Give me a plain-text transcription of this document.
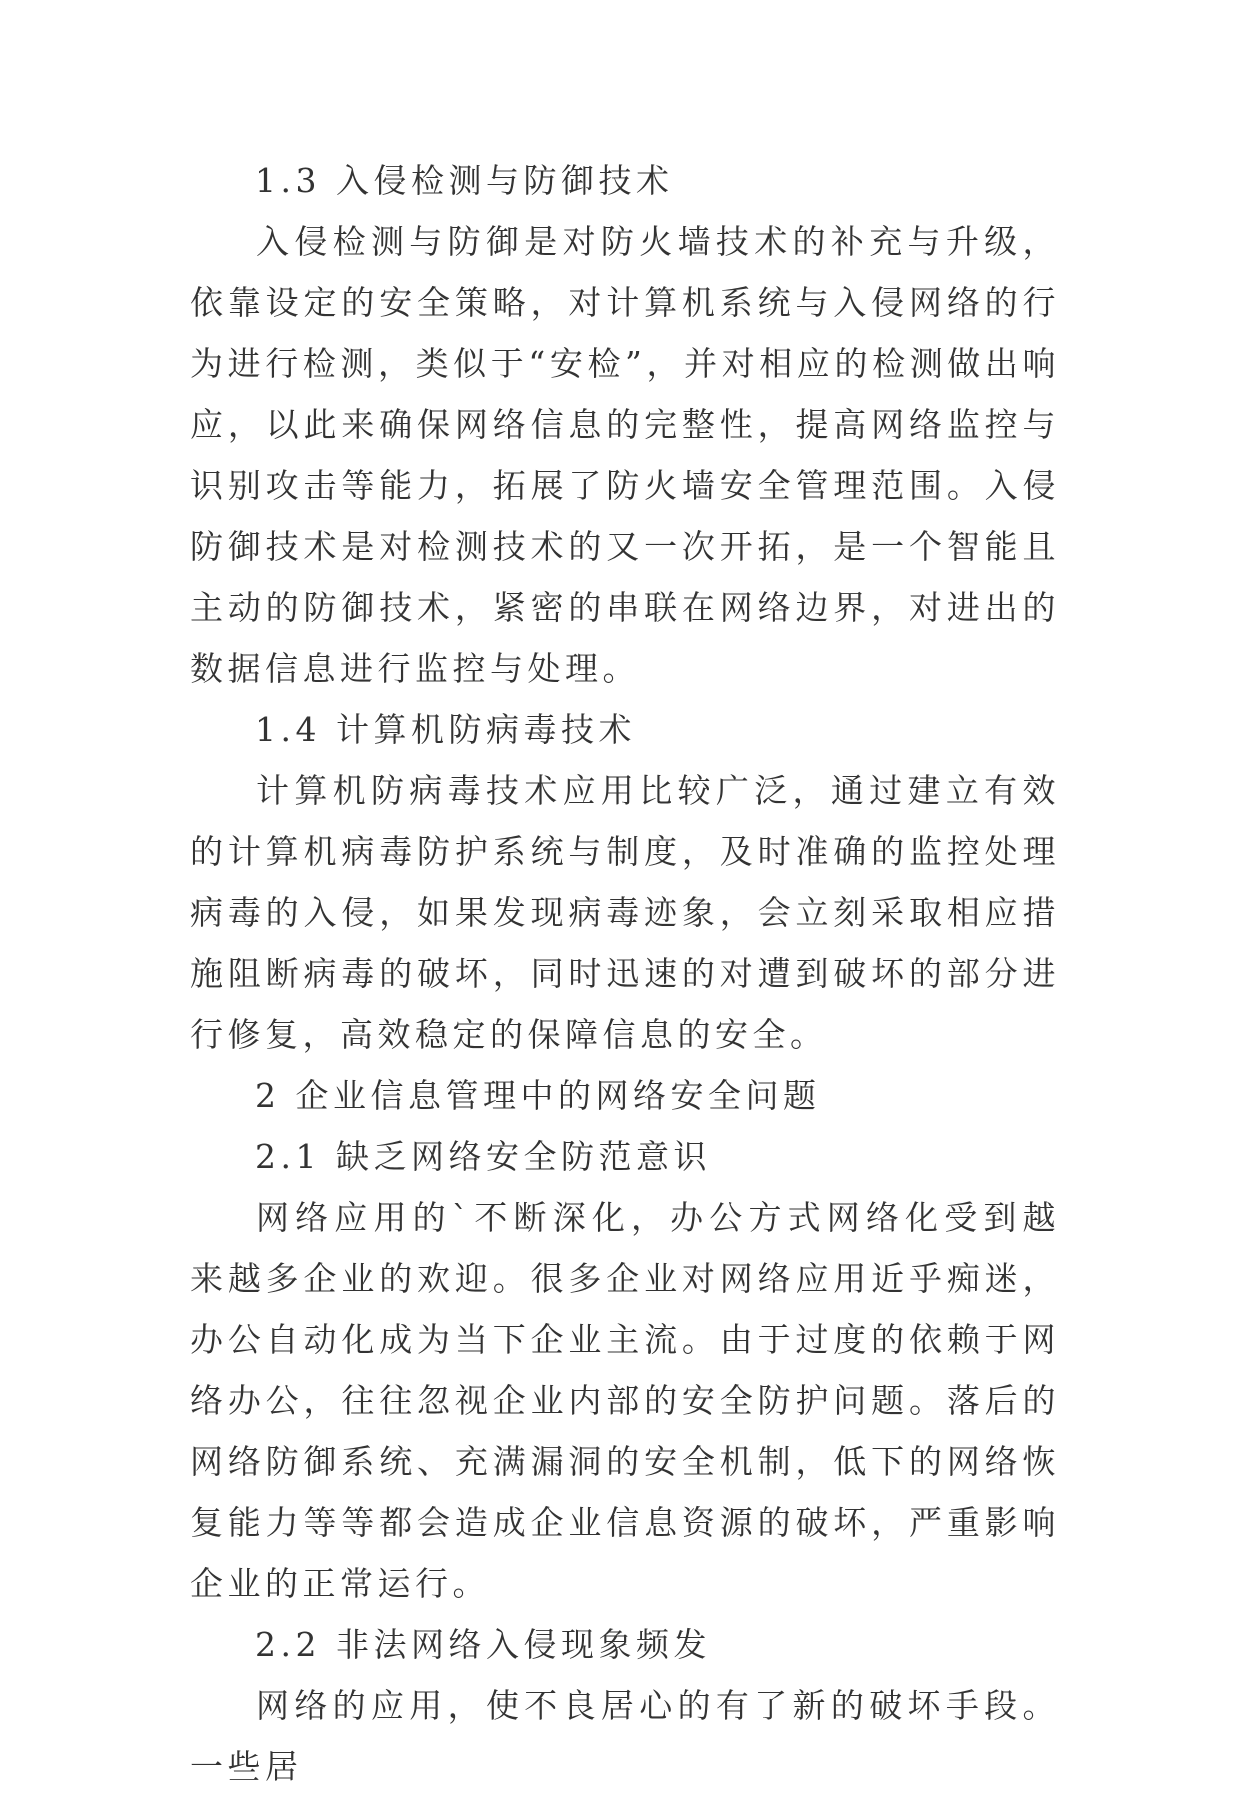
1.3 入侵检测与防御技术

入侵检测与防御是对防火墙技术的补充与升级，依靠设定的安全策略，对计算机系统与入侵网络的行为进行检测，类似于“安检”，并对相应的检测做出响应，以此来确保网络信息的完整性，提高网络监控与识别攻击等能力，拓展了防火墙安全管理范围。入侵防御技术是对检测技术的又一次开拓，是一个智能且主动的防御技术，紧密的串联在网络边界，对进出的数据信息进行监控与处理。

1.4 计算机防病毒技术

计算机防病毒技术应用比较广泛，通过建立有效的计算机病毒防护系统与制度，及时准确的监控处理病毒的入侵，如果发现病毒迹象，会立刻采取相应措施阻断病毒的破坏，同时迅速的对遭到破坏的部分进行修复，高效稳定的保障信息的安全。

2 企业信息管理中的网络安全问题
2.1 缺乏网络安全防范意识

网络应用的`不断深化，办公方式网络化受到越来越多企业的欢迎。很多企业对网络应用近乎痴迷，办公自动化成为当下企业主流。由于过度的依赖于网络办公，往往忽视企业内部的安全防护问题。落后的网络防御系统、充满漏洞的安全机制，低下的网络恢复能力等等都会造成企业信息资源的破坏，严重影响企业的正常运行。

2.2 非法网络入侵现象频发

网络的应用，使不良居心的有了新的破坏手段。一些居
